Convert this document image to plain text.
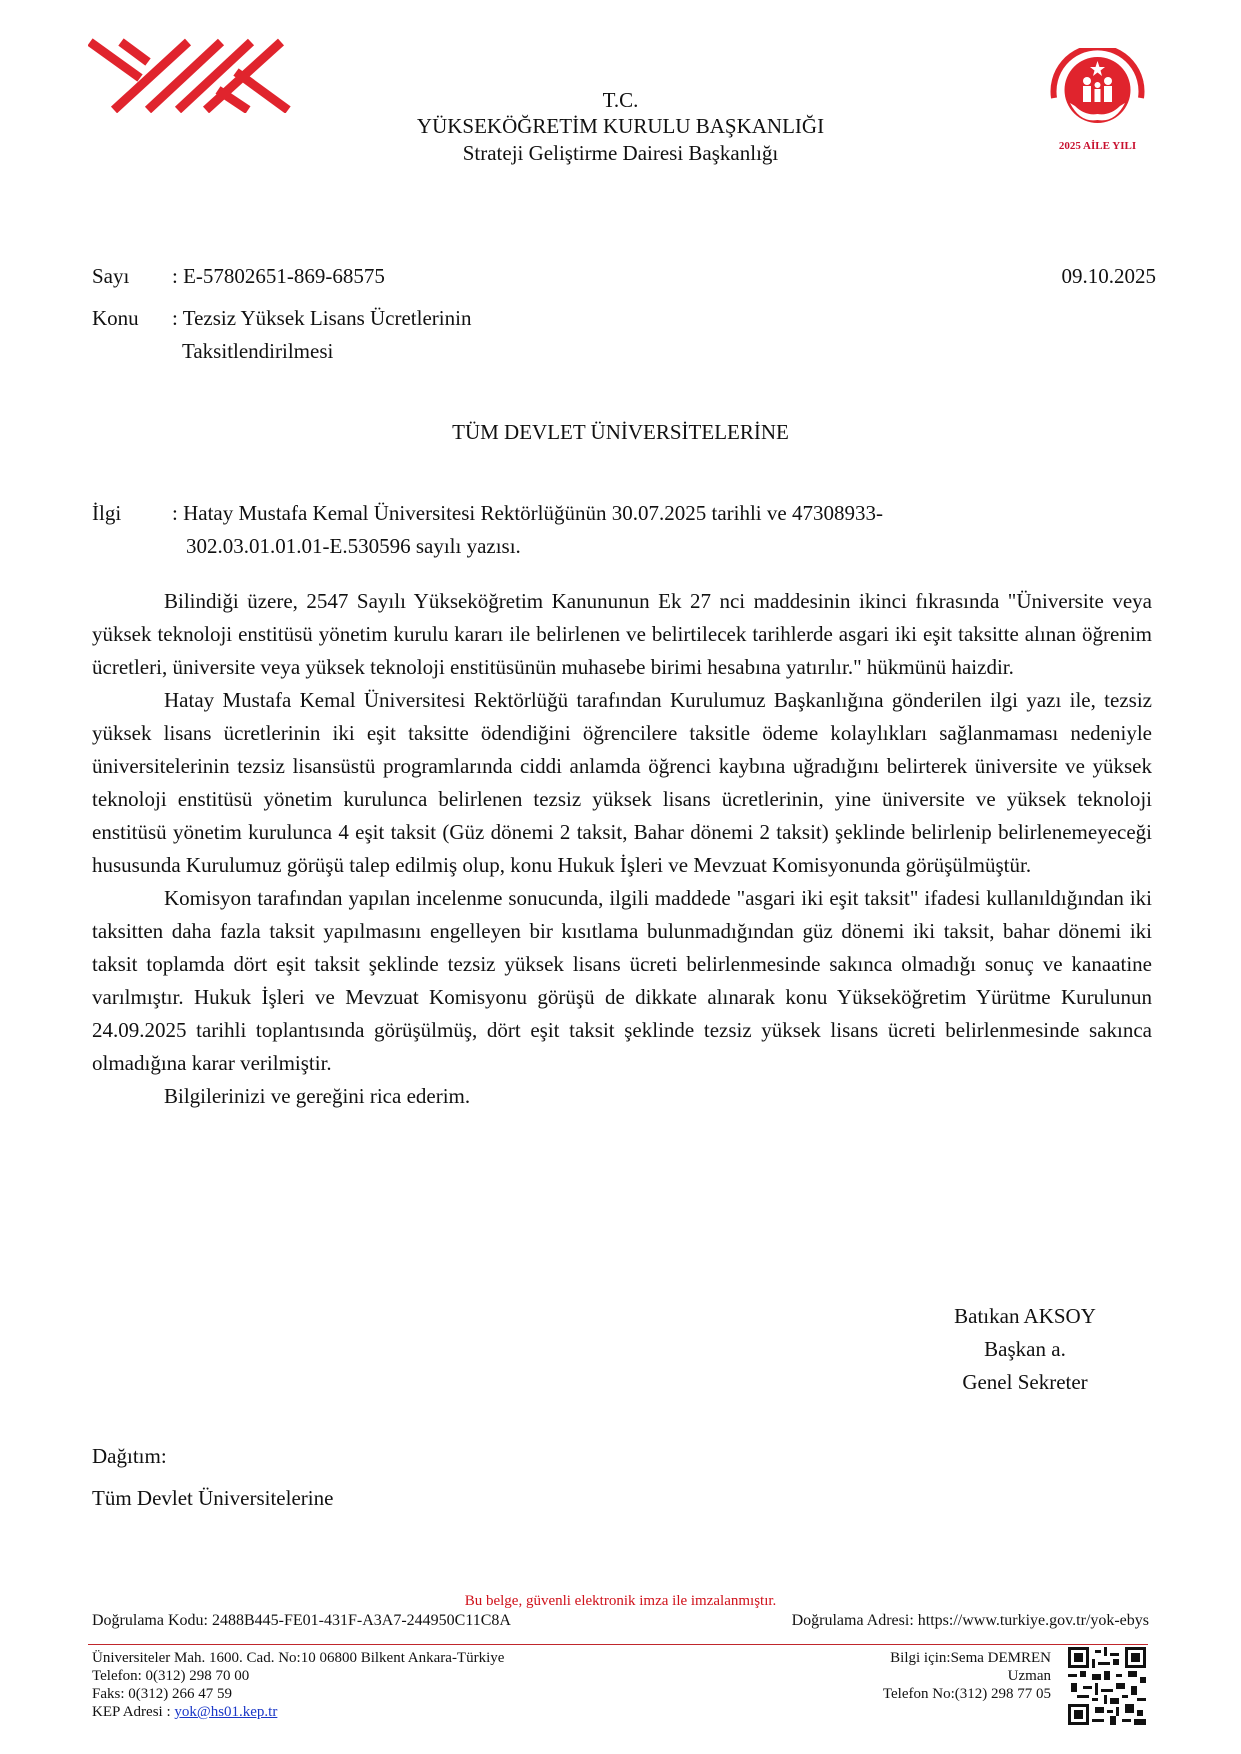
2025 AİLE YILI
T.C.
YÜKSEKÖĞRETİM KURULU BAŞKANLIĞI
Strateji Geliştirme Dairesi Başkanlığı
Sayı : E-57802651-869-68575	09.10.2025
Konu : Tezsiz Yüksek Lisans Ücretlerinin
Taksitlendirilmesi
TÜM DEVLET ÜNİVERSİTELERİNE
İlgi : Hatay Mustafa Kemal Üniversitesi Rektörlüğünün 30.07.2025 tarihli ve 47308933-
302.03.01.01.01-E.530596 sayılı yazısı.

Bilindiği üzere, 2547 Sayılı Yükseköğretim Kanununun Ek 27 nci maddesinin ikinci fıkrasında "Üniversite veya yüksek teknoloji enstitüsü yönetim kurulu kararı ile belirlenen ve belirtilecek tarihlerde asgari iki eşit taksitte alınan öğrenim ücretleri, üniversite veya yüksek teknoloji enstitüsünün muhasebe birimi hesabına yatırılır." hükmünü haizdir.

Hatay Mustafa Kemal Üniversitesi Rektörlüğü tarafından Kurulumuz Başkanlığına gönderilen ilgi yazı ile, tezsiz yüksek lisans ücretlerinin iki eşit taksitte ödendiğini öğrencilere taksitle ödeme kolaylıkları sağlanmaması nedeniyle üniversitelerinin tezsiz lisansüstü programlarında ciddi anlamda öğrenci kaybına uğradığını belirterek üniversite ve yüksek teknoloji enstitüsü yönetim kurulunca belirlenen tezsiz yüksek lisans ücretlerinin, yine üniversite ve yüksek teknoloji enstitüsü yönetim kurulunca 4 eşit taksit (Güz dönemi 2 taksit, Bahar dönemi 2 taksit) şeklinde belirlenip belirlenemeyeceği hususunda Kurulumuz görüşü talep edilmiş olup, konu Hukuk İşleri ve Mevzuat Komisyonunda görüşülmüştür.

Komisyon tarafından yapılan incelenme sonucunda, ilgili maddede "asgari iki eşit taksit" ifadesi kullanıldığından iki taksitten daha fazla taksit yapılmasını engelleyen bir kısıtlama bulunmadığından güz dönemi iki taksit, bahar dönemi iki taksit toplamda dört eşit taksit şeklinde tezsiz yüksek lisans ücreti belirlenmesinde sakınca olmadığı sonuç ve kanaatine varılmıştır. Hukuk İşleri ve Mevzuat Komisyonu görüşü de dikkate alınarak konu Yükseköğretim Yürütme Kurulunun 24.09.2025 tarihli toplantısında görüşülmüş, dört eşit taksit şeklinde tezsiz yüksek lisans ücreti belirlenmesinde sakınca olmadığına karar verilmiştir.

Bilgilerinizi ve gereğini rica ederim.

Batıkan AKSOY
Başkan a.
Genel Sekreter
Dağıtım:
Tüm Devlet Üniversitelerine
Bu belge, güvenli elektronik imza ile imzalanmıştır.
Doğrulama Kodu: 2488B445-FE01-431F-A3A7-244950C11C8A	Doğrulama Adresi: https://www.turkiye.gov.tr/yok-ebys
Üniversiteler Mah. 1600. Cad. No:10 06800 Bilkent Ankara-Türkiye
Telefon: 0(312) 298 70 00
Faks: 0(312) 266 47 59
KEP Adresi : yok@hs01.kep.tr
Bilgi için:Sema DEMREN
Uzman
Telefon No:(312) 298 77 05
